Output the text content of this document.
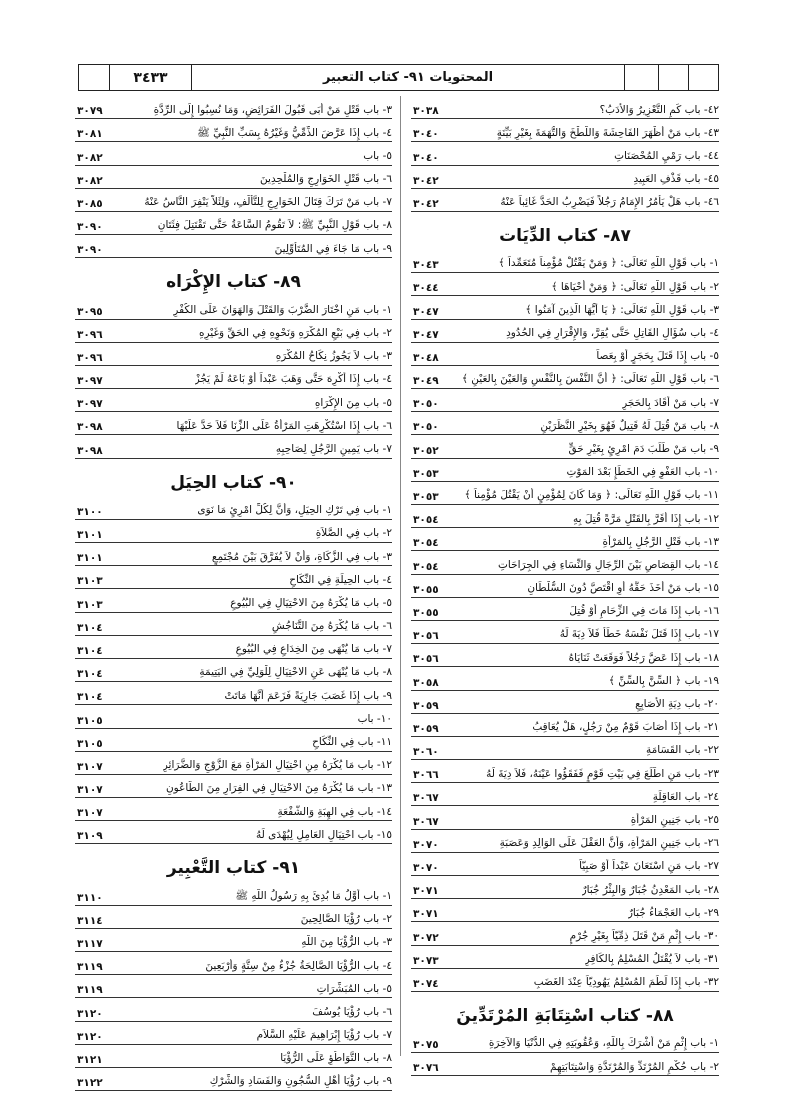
٣٤٣٣	المحتويات ٩١- كتاب التعبير
٤٢- باب كَمِ التَّعْزِيرُ وَالأَدَبُ؟
٣٠٣٨
٤٣- باب مَنْ أَظْهَرَ الفَاحِشَةَ وَاللَّطْخَ وَالتُّهَمَةَ بِغَيْرِ بَيِّنَةٍ
٣٠٤٠
٤٤- باب رَمْيِ المُحْصَنَاتِ
٣٠٤٠
٤٥- باب قَذْفِ العَبِيدِ
٣٠٤٢
٤٦- باب هَلْ يَأْمُرُ الإِمَامُ رَجُلاً فَيَضْرِبُ الحَدَّ غَائِباً عَنْهُ
٣٠٤٢
٨٧- كتاب الدِّيَات
١- باب قَوْلِ اللَّهِ تَعَالَى: ﴿ وَمَنْ يَقْتُلْ مُؤْمِناً مُتَعَمِّداً ﴾
٣٠٤٣
٢- باب قَوْلِ اللَّهِ تَعَالَى: ﴿ وَمَنْ أَحْيَاهَا ﴾
٣٠٤٤
٣- باب قَوْلِ اللَّهِ تَعَالَى: ﴿ يَا أَيُّهَا الَّذِينَ آمَنُوا ﴾
٣٠٤٧
٤- باب سُؤَالِ القَاتِلِ حَتَّى يُقِرَّ، وَالإِقْرَارِ فِي الحُدُودِ
٣٠٤٧
٥- باب إِذَا قَتَلَ بِحَجَرٍ أَوْ بِعَصاً
٣٠٤٨
٦- باب قَوْلِ اللَّهِ تَعَالَى: ﴿ أَنَّ النَّفْسَ بِالنَّفْسِ وَالعَيْنَ بِالعَيْنِ ﴾
٣٠٤٩
٧- باب مَنْ أَقَادَ بِالحَجَرِ
٣٠٥٠
٨- باب مَنْ قُتِلَ لَهُ قَتِيلٌ فَهُوَ بِخَيْرِ النَّظَرَيْنِ
٣٠٥٠
٩- باب مَنْ طَلَبَ دَمَ امْرِئٍ بِغَيْرِ حَقٍّ
٣٠٥٢
١٠- باب العَفْوِ فِي الخَطَإِ بَعْدَ المَوْتِ
٣٠٥٣
١١- باب قَوْلِ اللَّهِ تَعَالَى: ﴿ وَمَا كَانَ لِمُؤْمِنٍ أَنْ يَقْتُلَ مُؤْمِناً ﴾
٣٠٥٣
١٢- باب إِذَا أَقَرَّ بِالقَتْلِ مَرَّةً قُتِلَ بِهِ
٣٠٥٤
١٣- باب قَتْلِ الرَّجُلِ بِالمَرْأَةِ
٣٠٥٤
١٤- باب القِصَاصِ بَيْنَ الرِّجَالِ وَالنِّسَاءِ فِي الجِرَاحَاتِ
٣٠٥٤
١٥- باب مَنْ أَخَذَ حَقَّهُ أَوِ اقْتَصَّ دُونَ السُّلْطَانِ
٣٠٥٥
١٦- باب إِذَا مَاتَ فِي الزِّحَامِ أَوْ قُتِلَ
٣٠٥٥
١٧- باب إِذَا قَتَلَ نَفْسَهُ خَطَأً فَلاَ دِيَةَ لَهُ
٣٠٥٦
١٨- باب إِذَا عَضَّ رَجُلاً فَوَقَعَتْ ثَنَايَاهُ
٣٠٥٦
١٩- باب ﴿ السِّنَّ بِالسِّنِّ ﴾
٣٠٥٨
٢٠- باب دِيَةِ الأَصَابِعِ
٣٠٥٩
٢١- باب إِذَا أَصَابَ قَوْمٌ مِنْ رَجُلٍ، هَلْ يُعَاقِبُ
٣٠٥٩
٢٢- باب القَسَامَةِ
٣٠٦٠
٢٣- باب مَنِ اطَّلَعَ فِي بَيْتِ قَوْمٍ فَفَقَؤُوا عَيْنَهُ، فَلاَ دِيَةَ لَهُ
٣٠٦٦
٢٤- باب العَاقِلَةِ
٣٠٦٧
٢٥- باب جَنِينِ المَرْأَةِ
٣٠٦٧
٢٦- باب جَنِينِ المَرْأَةِ، وَأَنَّ العَقْلَ عَلَى الوَالِدِ وَعَصَبَةِ
٣٠٧٠
٢٧- باب مَنِ اسْتَعَانَ عَبْداً أَوْ صَبِيّاً
٣٠٧٠
٢٨- باب المَعْدِنُ جُبَارٌ وَالبِئْرُ جُبَارٌ
٣٠٧١
٢٩- باب العَجْمَاءُ جُبَارٌ
٣٠٧١
٣٠- باب إِثْمِ مَنْ قَتَلَ ذِمِّيّاً بِغَيْرِ جُرْمٍ
٣٠٧٢
٣١- باب لاَ يُقْتَلُ المُسْلِمُ بِالكَافِرِ
٣٠٧٣
٣٢- باب إِذَا لَطَمَ المُسْلِمُ يَهُودِيّاً عِنْدَ الغَضَبِ
٣٠٧٤
٨٨- كتاب اسْتِتَابَةِ المُرْتَدِّينَ
١- باب إِثْمِ مَنْ أَشْرَكَ بِاللَّهِ، وَعُقُوبَتِهِ فِي الدُّنْيَا وَالآخِرَةِ
٣٠٧٥
٢- باب حُكْمِ المُرْتَدِّ وَالمُرْتَدَّةِ وَاسْتِتَابَتِهِمْ
٣٠٧٦
٣- باب قَتْلِ مَنْ أَبَى قَبُولَ الفَرَائِضِ، وَمَا نُسِبُوا إِلَى الرِّدَّةِ
٣٠٧٩
٤- باب إِذَا عَرَّضَ الذِّمِّيُّ وَغَيْرُهُ بِسَبِّ النَّبِيِّ ﷺ
٣٠٨١
٥- باب
٣٠٨٢
٦- باب قَتْلِ الخَوَارِجِ وَالمُلْحِدِينَ
٣٠٨٢
٧- باب مَنْ تَرَكَ قِتَالَ الخَوَارِجِ لِلتَّأَلُّفِ، وَلِئَلاَّ يَنْفِرَ النَّاسُ عَنْهُ
٣٠٨٥
٨- باب قَوْلِ النَّبِيِّ ﷺ: لاَ تَقُومُ السَّاعَةُ حَتَّى تَقْتَتِلَ فِئَتَانِ
٣٠٩٠
٩- باب مَا جَاءَ فِي المُتَأَوِّلِينَ
٣٠٩٠
٨٩- كتاب الإِكْرَاه
١- باب مَنِ اخْتَارَ الضَّرْبَ وَالقَتْلَ وَالهَوَانَ عَلَى الكُفْرِ
٣٠٩٥
٢- باب فِي بَيْعِ المُكْرَهِ وَنَحْوِهِ فِي الحَقِّ وَغَيْرِهِ
٣٠٩٦
٣- باب لاَ يَجُوزُ نِكَاحُ المُكْرَهِ
٣٠٩٦
٤- باب إِذَا أُكْرِهَ حَتَّى وَهَبَ عَبْداً أَوْ بَاعَهُ لَمْ يَجُزْ
٣٠٩٧
٥- باب مِنَ الإِكْرَاهِ
٣٠٩٧
٦- باب إِذَا اسْتُكْرِهَتِ المَرْأَةُ عَلَى الزِّنَا فَلاَ حَدَّ عَلَيْهَا
٣٠٩٨
٧- باب يَمِينِ الرَّجُلِ لِصَاحِبِهِ
٣٠٩٨
٩٠- كتاب الحِيَل
١- باب فِي تَرْكِ الحِيَلِ، وَأَنَّ لِكُلِّ امْرِئٍ مَا نَوَى
٣١٠٠
٢- باب فِي الصَّلاَةِ
٣١٠١
٣- باب فِي الزَّكَاةِ، وَأَنْ لاَ يُفَرَّقَ بَيْنَ مُجْتَمِعٍ
٣١٠١
٤- باب الحِيلَةِ فِي النِّكَاحِ
٣١٠٣
٥- باب مَا يُكْرَهُ مِنَ الاحْتِيَالِ فِي البُيُوعِ
٣١٠٣
٦- باب مَا يُكْرَهُ مِنَ التَّنَاجُشِ
٣١٠٤
٧- باب مَا يُنْهَى مِنَ الخِدَاعِ فِي البُيُوعِ
٣١٠٤
٨- باب مَا يُنْهَى عَنِ الاحْتِيَالِ لِلْوَلِيِّ فِي اليَتِيمَةِ
٣١٠٤
٩- باب إِذَا غَصَبَ جَارِيَةً فَزَعَمَ أَنَّهَا مَاتَتْ
٣١٠٤
١٠- باب
٣١٠٥
١١- باب فِي النِّكَاحِ
٣١٠٥
١٢- باب مَا يُكْرَهُ مِنِ احْتِيَالِ المَرْأَةِ مَعَ الزَّوْجِ وَالضَّرَائِرِ
٣١٠٧
١٣- باب مَا يُكْرَهُ مِنَ الاحْتِيَالِ فِي الفِرَارِ مِنَ الطَّاعُونِ
٣١٠٧
١٤- باب فِي الهِبَةِ وَالشُّفْعَةِ
٣١٠٧
١٥- باب احْتِيَالِ العَامِلِ لِيُهْدَى لَهُ
٣١٠٩
٩١- كتاب التَّعْبِير
١- باب أَوَّلُ مَا بُدِئَ بِهِ رَسُولُ اللَّهِ ﷺ
٣١١٠
٢- باب رُؤْيَا الصَّالِحِينَ
٣١١٤
٣- باب الرُّؤْيَا مِنَ اللَّهِ
٣١١٧
٤- باب الرُّؤْيَا الصَّالِحَةُ جُزْءٌ مِنْ سِتَّةٍ وَأَرْبَعِينَ
٣١١٩
٥- باب المُبَشِّرَاتِ
٣١١٩
٦- باب رُؤْيَا يُوسُفَ
٣١٢٠
٧- باب رُؤْيَا إِبْرَاهِيمَ عَلَيْهِ السَّلاَم
٣١٢٠
٨- باب التَّوَاطُؤِ عَلَى الرُّؤْيَا
٣١٢١
٩- باب رُؤْيَا أَهْلِ السُّجُونِ وَالفَسَادِ وَالشِّرْكِ
٣١٢٢
